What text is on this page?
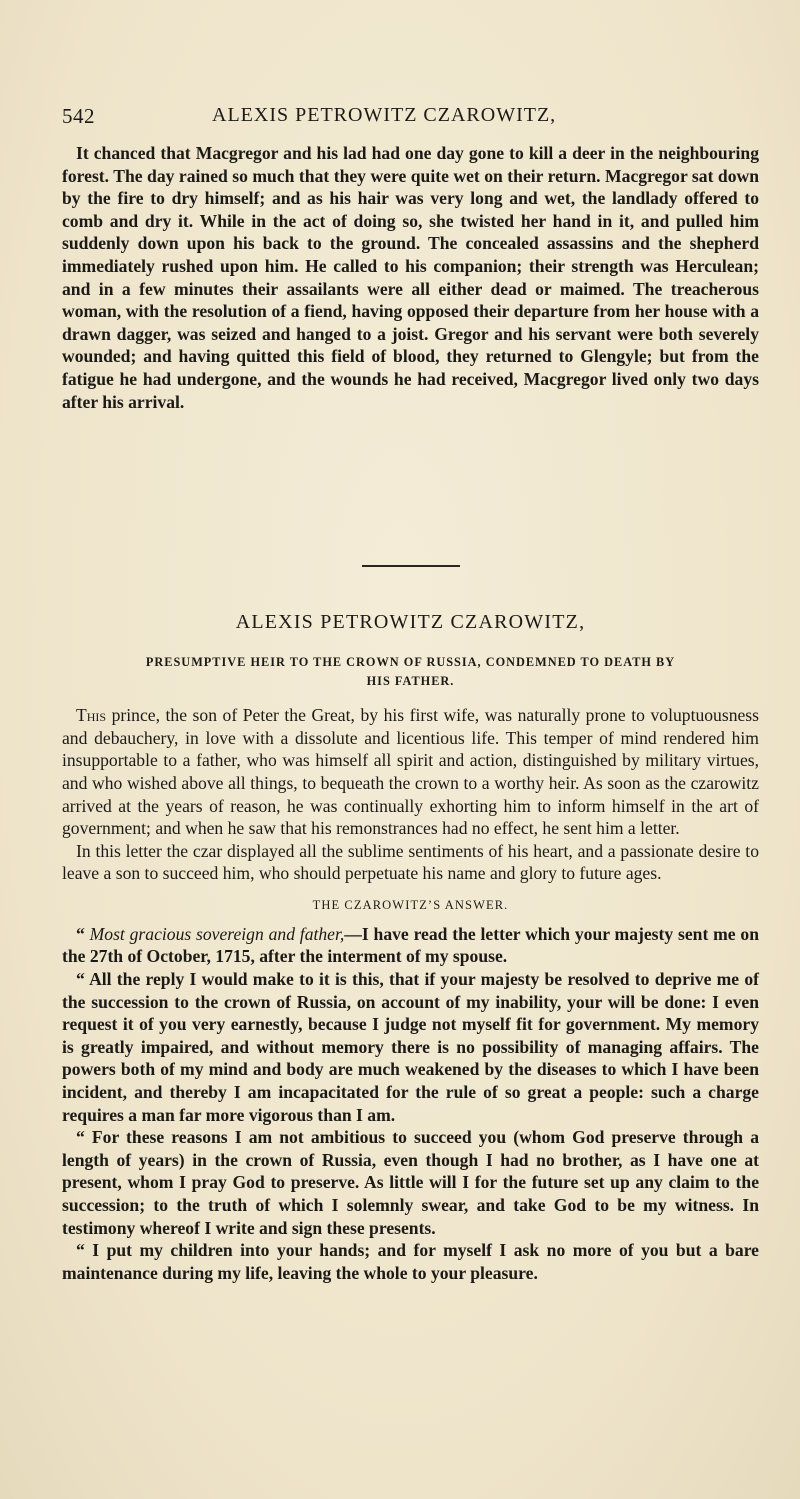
542	ALEXIS PETROWITZ CZAROWITZ,

It chanced that Macgregor and his lad had one day gone to kill a deer in the neighbouring forest. The day rained so much that they were quite wet on their return. Macgregor sat down by the fire to dry himself; and as his hair was very long and wet, the landlady offered to comb and dry it. While in the act of doing so, she twisted her hand in it, and pulled him suddenly down upon his back to the ground. The concealed assassins and the shepherd immediately rushed upon him. He called to his companion; their strength was Herculean; and in a few minutes their assailants were all either dead or maimed. The treacherous woman, with the resolution of a fiend, having opposed their departure from her house with a drawn dagger, was seized and hanged to a joist. Gregor and his servant were both severely wounded; and having quitted this field of blood, they returned to Glengyle; but from the fatigue he had undergone, and the wounds he had received, Macgregor lived only two days after his arrival.

ALEXIS PETROWITZ CZAROWITZ,
PRESUMPTIVE HEIR TO THE CROWN OF RUSSIA, CONDEMNED TO DEATH BY
HIS FATHER.

This prince, the son of Peter the Great, by his first wife, was naturally prone to voluptuousness and debauchery, in love with a dissolute and licentious life. This temper of mind rendered him insupportable to a father, who was himself all spirit and action, distinguished by military virtues, and who wished above all things, to bequeath the crown to a worthy heir. As soon as the czarowitz arrived at the years of reason, he was continually exhorting him to inform himself in the art of government; and when he saw that his remonstrances had no effect, he sent him a letter.

In this letter the czar displayed all the sublime sentiments of his heart, and a passionate desire to leave a son to succeed him, who should perpetuate his name and glory to future ages.

THE CZAROWITZ’S ANSWER.

“ Most gracious sovereign and father,—I have read the letter which your majesty sent me on the 27th of October, 1715, after the interment of my spouse.

“ All the reply I would make to it is this, that if your majesty be resolved to deprive me of the succession to the crown of Russia, on account of my inability, your will be done: I even request it of you very earnestly, because I judge not myself fit for government. My memory is greatly impaired, and without memory there is no possibility of managing affairs. The powers both of my mind and body are much weakened by the diseases to which I have been incident, and thereby I am incapacitated for the rule of so great a people: such a charge requires a man far more vigorous than I am.

“ For these reasons I am not ambitious to succeed you (whom God preserve through a length of years) in the crown of Russia, even though I had no brother, as I have one at present, whom I pray God to preserve. As little will I for the future set up any claim to the succession; to the truth of which I solemnly swear, and take God to be my witness. In testimony whereof I write and sign these presents.

“ I put my children into your hands; and for myself I ask no more of you but a bare maintenance during my life, leaving the whole to your pleasure.
